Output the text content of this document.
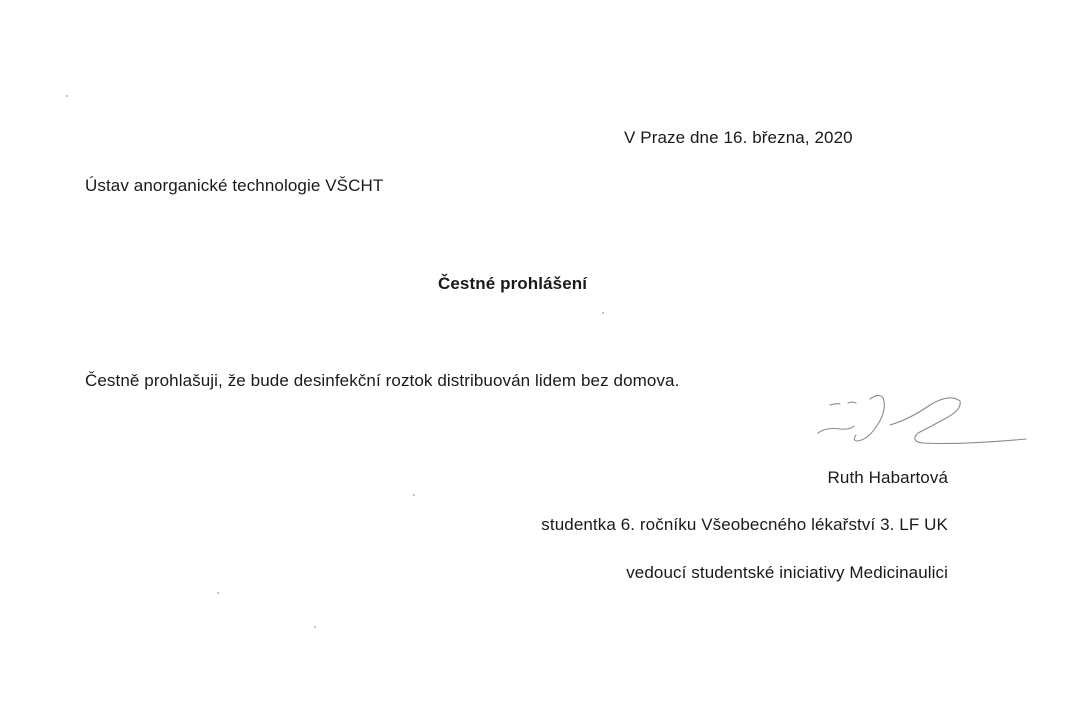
V Praze dne 16. března, 2020
Ústav anorganické technologie VŠCHT
Čestné prohlášení
Čestně prohlašuji, že bude desinfekční roztok distribuován lidem bez domova.
Ruth Habartová
studentka 6. ročníku Všeobecného lékařství 3. LF UK
vedoucí studentské iniciativy Medicinaulici
